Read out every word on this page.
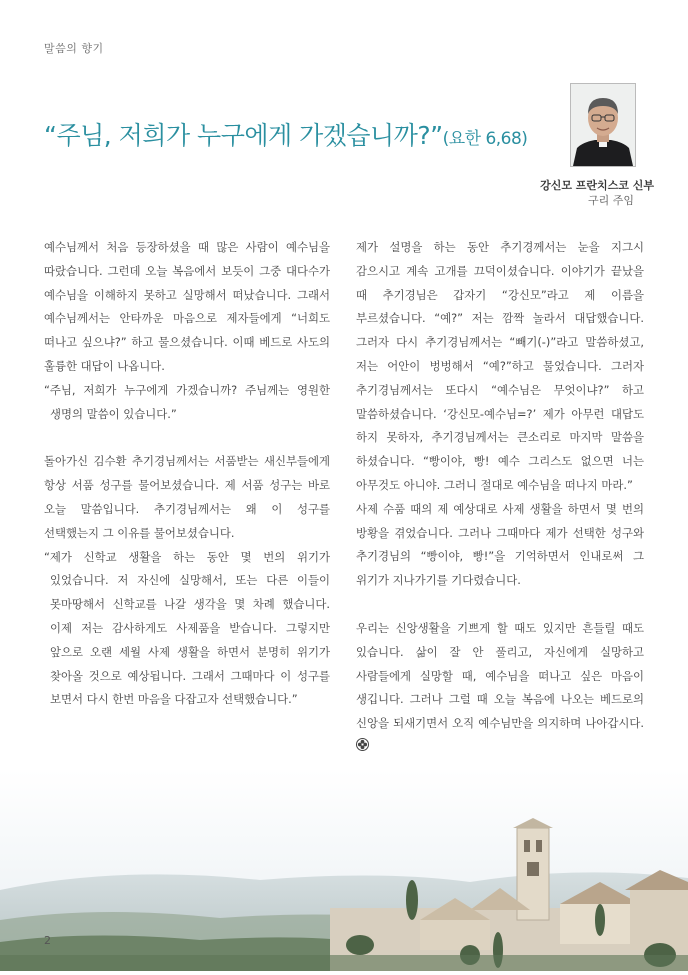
말씀의 향기
“주님, 저희가 누구에게 가겠습니까?”(요한 6,68)
강신모 프란치스코 신부
구리 주임

예수님께서 처음 등장하셨을 때 많은 사람이 예수님을 따랐습니다. 그런데 오늘 복음에서 보듯이 그중 대다수가 예수님을 이해하지 못하고 실망해서 떠났습니다. 그래서 예수님께서는 안타까운 마음으로 제자들에게 “너희도 떠나고 싶으냐?” 하고 물으셨습니다. 이때 베드로 사도의 훌륭한 대답이 나옵니다.

“주님, 저희가 누구에게 가겠습니까? 주님께는 영원한 생명의 말씀이 있습니다.”

돌아가신 김수환 추기경님께서는 서품받는 새신부들에게 항상 서품 성구를 물어보셨습니다. 제 서품 성구는 바로 오늘 말씀입니다. 추기경님께서는 왜 이 성구를 선택했는지 그 이유를 물어보셨습니다.

“제가 신학교 생활을 하는 동안 몇 번의 위기가 있었습니다. 저 자신에 실망해서, 또는 다른 이들이 못마땅해서 신학교를 나갈 생각을 몇 차례 했습니다. 이제 저는 감사하게도 사제품을 받습니다. 그렇지만 앞으로 오랜 세월 사제 생활을 하면서 분명히 위기가 찾아올 것으로 예상됩니다. 그래서 그때마다 이 성구를 보면서 다시 한번 마음을 다잡고자 선택했습니다.”

제가 설명을 하는 동안 추기경께서는 눈을 지그시 감으시고 계속 고개를 끄덕이셨습니다. 이야기가 끝났을 때 추기경님은 갑자기 “강신모”라고 제 이름을 부르셨습니다. “예?” 저는 깜짝 놀라서 대답했습니다. 그러자 다시 추기경님께서는 “빼기(-)”라고 말씀하셨고, 저는 어안이 벙벙해서 “예?”하고 물었습니다. 그러자 추기경님께서는 또다시 “예수님은 무엇이냐?” 하고 말씀하셨습니다. ‘강신모-예수님=?’ 제가 아무런 대답도 하지 못하자, 추기경님께서는 큰소리로 마지막 말씀을 하셨습니다. “빵이야, 빵! 예수 그리스도 없으면 너는 아무것도 아니야. 그러니 절대로 예수님을 떠나지 마라.”

사제 수품 때의 제 예상대로 사제 생활을 하면서 몇 번의 방황을 겪었습니다. 그러나 그때마다 제가 선택한 성구와 추기경님의 “빵이야, 빵!”을 기억하면서 인내로써 그 위기가 지나가기를 기다렸습니다.

우리는 신앙생활을 기쁘게 할 때도 있지만 흔들릴 때도 있습니다. 삶이 잘 안 풀리고, 자신에게 실망하고 사람들에게 실망할 때, 예수님을 떠나고 싶은 마음이 생깁니다. 그러나 그럴 때 오늘 복음에 나오는 베드로의 신앙을 되새기면서 오직 예수님만을 의지하며 나아갑시다.

2
